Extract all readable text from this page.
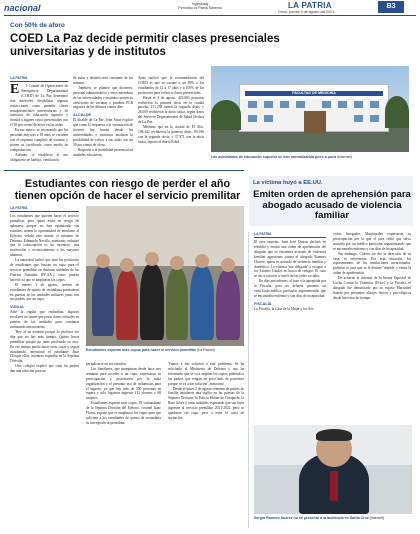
nacional	Ingeniosaj
Periódico la Patria Sistema	LA PATRIA
Oruro, jueves 5 de agosto del 2021
B3
Con 50% de aforo
COED La Paz decide permitir clases presenciales universitarias y de institutos
LA PATRIA
E	l Comité de Operaciones de Emergencia Departamental (COED) de La Paz determinó este miércoles flexibilizar algunas restricciones como permitir clases semipresenciales universitarias y de institutos de educación superior y técnica a lugares cuyos presenciales con el 50 por ciento de aforo en las aulas.

En ese marco, se recomendó que las personas mayores a 18 años se vacunen con el esquema completo de vacunas y porten su certificado como medio de comprobación.

Además, se estableció el uso obligatorio de barbijo, ventilación

de aulas y desinfección constante de las mismas.

También, se planteó que docentes, personal administrativo y otros miembros de las universidades e institutos porten su certificado de vacunas o pruebas PCR negativa de los últimos cuatro días.

ALCALDE

El alcalde de La Paz, Iván Arias explicó que como la respuesta a la vacunación de jóvenes fue buena desde las universidades e institutos analizan la posibilidad de volver a sus aulas con un 50 por ciento de aforo.

Respecto a la modalidad presencial en unidades educativas,

Arias ratificó que la recomendación del COED es que se vacune a un 80% a los estudiantes de 12 a 17 años y a 100% de los profesores para volver a clases presenciales.

Hasta el 3 de agosto, 423,683 personas recibieron la primera dosis en la ciudad paceña; 211.238 tienen la segunda dosis; y 26.039 recibieron la dosis única, según datos del Servicio Departamental de Salud (Sedes) de La Paz.

Mientras que en la ciudad de El Alto, 198.442 recibieron la primera dosis; 80.196 con la segunda dosis; y 37.971 con la dosis única, reporta el diario Erbol.

FACULTAD DE MEDICINA
Las actividades de educación superior se irán normalizando poco a poco (Internet)
La víctima huyó a EE.UU.
Emiten orden de aprehensión para abogado acusado de violencia familiar
LA PATRIA

El juez cautelar, Juan José Quiroz declaró en rebeldía y emitió una orden de aprehensión del abogado que se encuentra acusado de violencia familiar agresiones contra el abogado Romero Chávez, quien es acusado de violencia familiar y doméstica. La víctima 'fue obligada' a escapar a los Estados Unidos en busca de refugio. El caso se dio a conocer a través de las redes sociales.

En días precedentes, el juez a la apropiada por la Fiscalía, pero no defensa presentó un certificado médico particular argumentando que se encontraba enfermo y con días de incapacidad.

FISCALÍA

La Fiscalía, la Casa de la Mujer y los Ser-

vicios Integrales Municipales expresaron su preocupación por lo que el juez cedió que salvo acusado por un médico particular argumentando que se encontraba enfermo y con días de incapacidad.

Sin embargo, Chávez no dio la dirección de su casa, ni referencias. Por esta situación, los representantes de las instituciones mencionadas, pidieron al juez que se le declare 'rebelde' y emita la orden de aprehensión.

De acuerdo al informe de la Inerza Especial de Lucha Contra la Violencia (Felcv) y la Fiscalía, el abogado fue denunciado por su esposa Marisabel Suárez por presuntos ultrajes físicos y psicológicos desde hace mucho tiempo.

Sergio Romero Suárez no se presentó a la audiencia en Santa Cruz (Internet)
Estudiantes con riesgo de perder el año tienen opción de hacer el servicio premilitar
LA PATRIA

Los estudiantes que quieren hacer el servicio premilitar, pero quizá están en riesgo de aplazarse porque no han optimizado sus estudios, tienen la oportunidad de enrolarse al Ejército, señaló este martes el ministro de Defensa, Edmundo Novillo, asimismo, enfatizó que la conscripción es un incentivo, una motivación y reconocimiento a los mayores alumnos.

La autoridad indicó que ante las peticiones de estudiantes que buscan un cupo para el servicio premilitar en distintas unidades de las Fuerzas Armadas (FF.AA.), estos podrán hacerlo ya que se ampliaron los cupos.

El martes 3 de agosto, cientos de estudiantes de quinto de secundaria protestaron en puertas de las unidades militares junto con sus padres, por un cupo.

VIGILIA

Ante la vigilia que realizaban, algunos escolares no tienen que pasar clases virtuales en puertas de las unidades para continuar avanzando una materias.

'Hoy al un examen porque lo profesor era dije que no hay más tiempo. Quiero hacer premilitar porque no tiene profesado en otro. En ese tiempo puedo hacer otras cosas y seguir estudiando', mencionó el estudiante Jhon Choque ellos, mientras esperaba en la Séptima División.

Otro colegial explicó que cada los padres dan una solución para no

Estudiantes esperan más cupos para hacer el servicio premilitar (La Razón)

perjudicarse en sus estudios.

Los familiares, que peregrinan desde hace tres semanas para acceder a un cupo, expresaron su preocupación y protestaron por la mala organización y el presunto uso de influencias para el ingreso, ya que hay más de 500 personas en espera y solo lograron ingresar 112 jóvenes y 68 mujeres.

Estudiantes esperan más cupos. El comandante de la Séptima División del Ejército, coronel Isaac Flores, expuso que se ampliaron los cupos para que soliciten a los estudiantes de quinto de secundaria su inscripción al premilitar.

'Vamos a dar solución a este problema. Se ha solicitado al Ministerio de Defensa y nos ha informado que se va a ampliar los cupos, pidiendo a los padres que tengan un poco más de paciencia porque se va a dar solución', mencionó.

Desde el lunes 2 de agosto centenas de padres de familia instalaron una vigilia en las puertas de la Séptima División, la Policía Militar de Cotapachi, la Base Aérea y otras unidades esperando que sus hijos ingresen al servicio premilitar 2021-2022, pero se quedaron sin cupo, pese a tener la carta de invitación.
